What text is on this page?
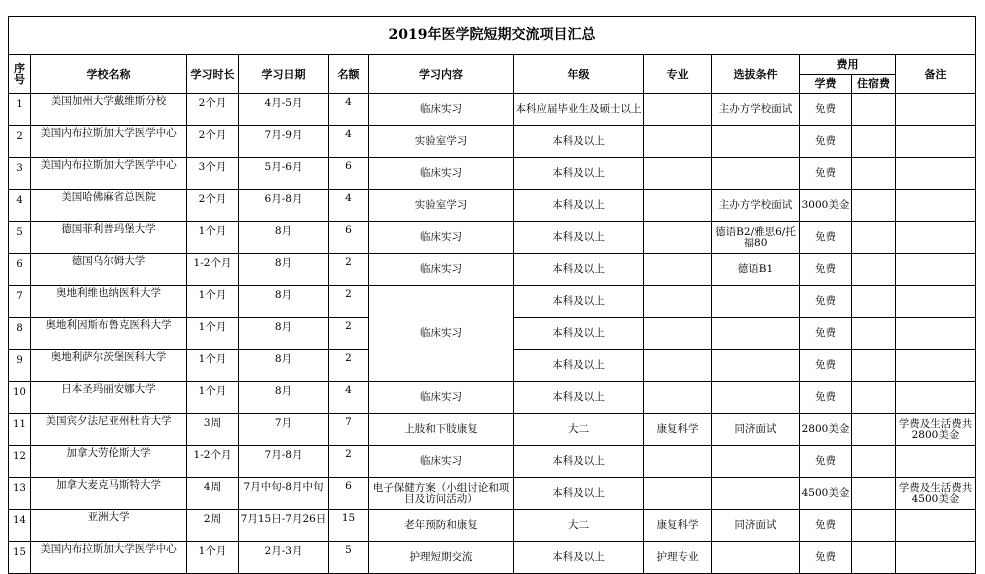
2019年医学院短期交流项目汇总											
序号	学校名称	学习时长	学习日期	名额	学习内容	年级	专业	选拔条件	费用		备注
									学费	住宿费	
1	美国加州大学戴维斯分校	2个月	4月-5月	4	临床实习	本科应届毕业生及硕士以上		主办方学校面试	免费		
2	美国内布拉斯加大学医学中心	2个月	7月-9月	4	实验室学习	本科及以上			免费		
3	美国内布拉斯加大学医学中心	3个月	5月-6月	6	临床实习	本科及以上			免费		
4	美国哈佛麻省总医院	2个月	6月-8月	4	实验室学习	本科及以上		主办方学校面试	3000美金		
5	德国菲利普玛堡大学	1个月	8月	6	临床实习	本科及以上		德语B2/雅思6/托福80	免费		
6	德国乌尔姆大学	1-2个月	8月	2	临床实习	本科及以上		德语B1	免费		
7	奥地利维也纳医科大学	1个月	8月	2	临床实习	本科及以上			免费		
8	奥地利因斯布鲁克医科大学	1个月	8月	2		本科及以上			免费		
9	奥地利萨尔茨堡医科大学	1个月	8月	2		本科及以上			免费		
10	日本圣玛丽安娜大学	1个月	8月	4	临床实习	本科及以上			免费		
11	美国宾夕法尼亚州杜肯大学	3周	7月	7	上肢和下肢康复	大二	康复科学	同济面试	2800美金		学费及生活费共2800美金
12	加拿大劳伦斯大学	1-2个月	7月-8月	2	临床实习	本科及以上			免费		
13	加拿大麦克马斯特大学	4周	7月中旬-8月中旬	6	电子保健方案（小组讨论和项目及访问活动）	本科及以上			4500美金		学费及生活费共4500美金
14	亚洲大学	2周	7月15日-7月26日	15	老年预防和康复	大二	康复科学	同济面试	免费		
15	美国内布拉斯加大学医学中心	1个月	2月-3月	5	护理短期交流	本科及以上	护理专业		免费		
